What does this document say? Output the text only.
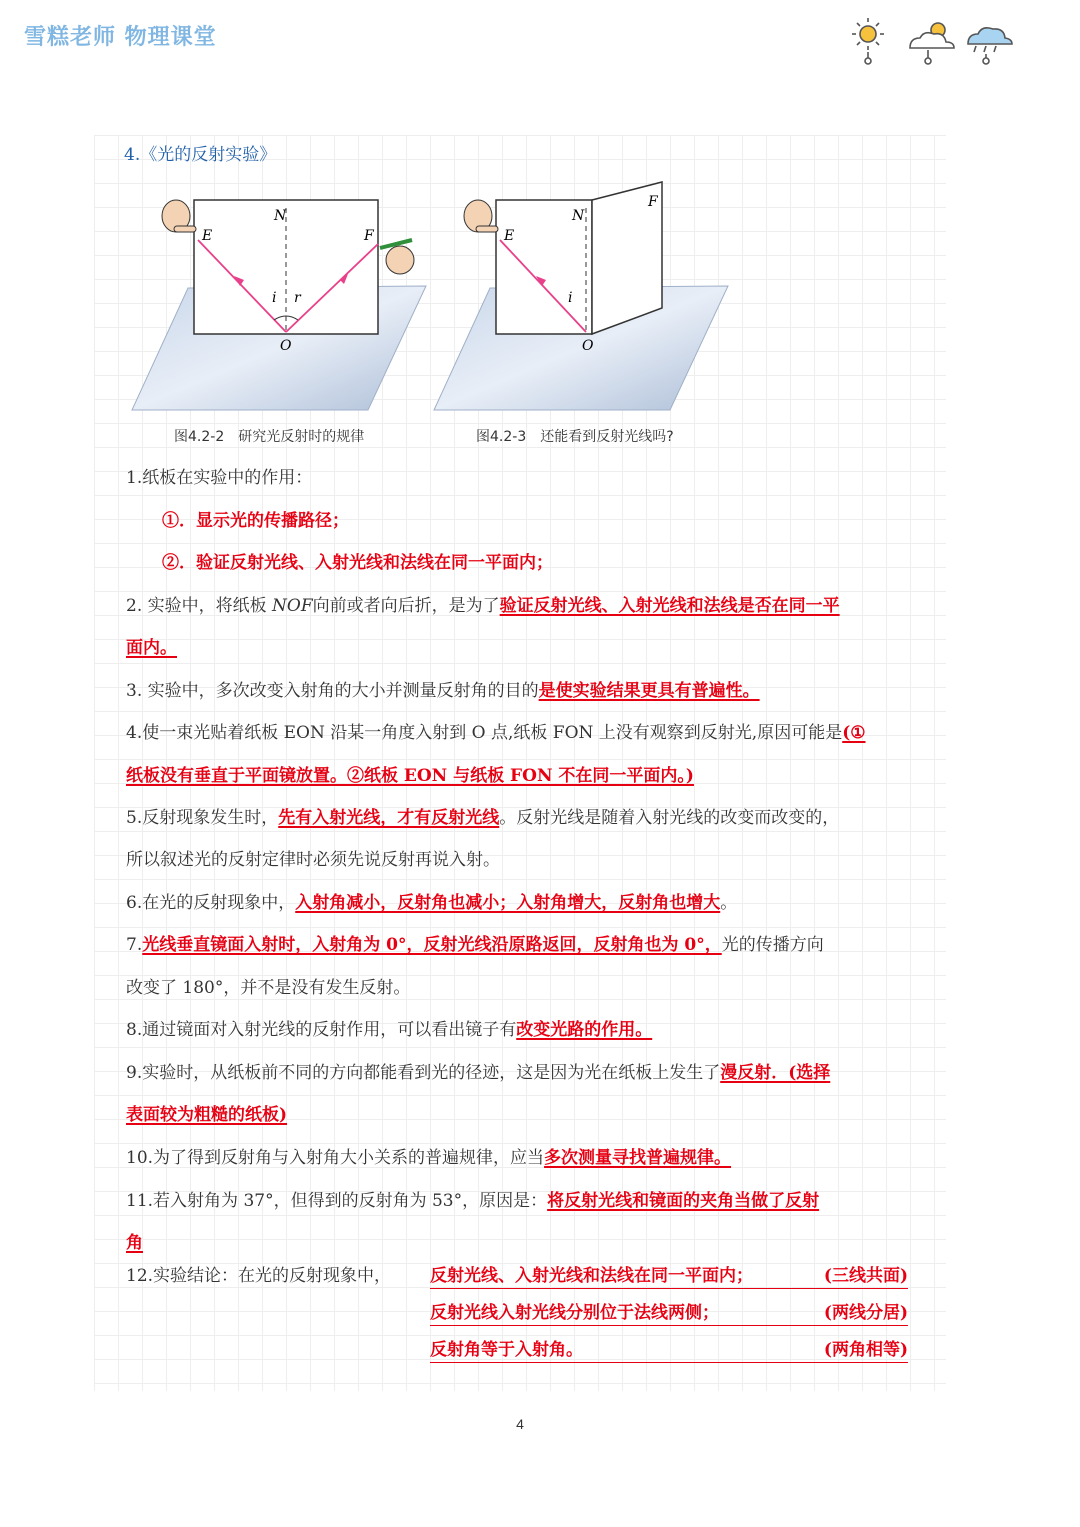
雪糕老师 物理课堂
4.《光的反射实验》
N
E	F
i r
O
N
E
F
i
O
图4.2-2　研究光反射时的规律	图4.2-3　还能看到反射光线吗?
1.纸板在实验中的作用：
①．显示光的传播路径；
②．验证反射光线、入射光线和法线在同一平面内；
2. 实验中，将纸板 NOF向前或者向后折，是为了验证反射光线、入射光线和法线是否在同一平
面内。
3. 实验中，多次改变入射角的大小并测量反射角的目的是使实验结果更具有普遍性。
4.使一束光贴着纸板 EON 沿某一角度入射到 O 点,纸板 FON 上没有观察到反射光,原因可能是(①
纸板没有垂直于平面镜放置。②纸板 EON 与纸板 FON 不在同一平面内。)
5.反射现象发生时，先有入射光线，才有反射光线。反射光线是随着入射光线的改变而改变的，
所以叙述光的反射定律时必须先说反射再说入射。
6.在光的反射现象中，入射角减小，反射角也减小；入射角增大，反射角也增大。
7.光线垂直镜面入射时，入射角为 0°，反射光线沿原路返回，反射角也为 0°，光的传播方向
改变了 180°，并不是没有发生反射。
8.通过镜面对入射光线的反射作用，可以看出镜子有改变光路的作用。
9.实验时，从纸板前不同的方向都能看到光的径迹，这是因为光在纸板上发生了漫反射．(选择
表面较为粗糙的纸板)
10.为了得到反射角与入射角大小关系的普遍规律，应当多次测量寻找普遍规律。
11.若入射角为 37°，但得到的反射角为 53°，原因是：将反射光线和镜面的夹角当做了反射
角
12.实验结论：在光的反射现象中， 反射光线、入射光线和法线在同一平面内；	(三线共面)
反射光线入射光线分别位于法线两侧；	(两线分居)
反射角等于入射角。	(两角相等)
4
